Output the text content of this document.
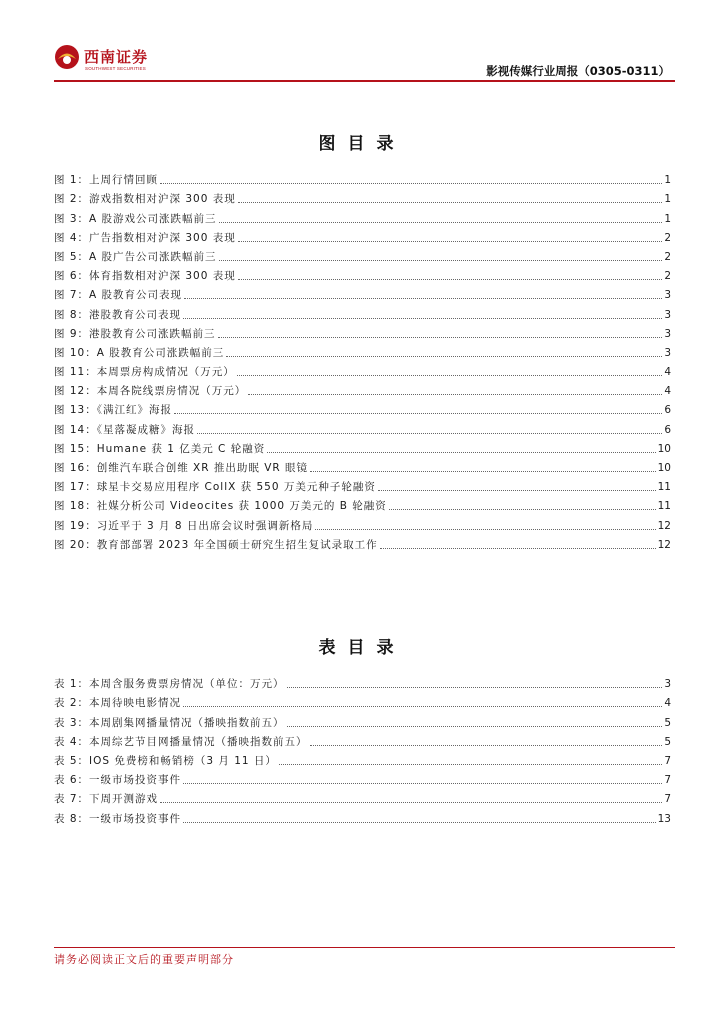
西南证券
SOUTHWEST SECURITIES	影视传媒行业周报（0305-0311）
图目录
图 1：上周行情回顾	1
图 2：游戏指数相对沪深 300 表现	1
图 3：A 股游戏公司涨跌幅前三	1
图 4：广告指数相对沪深 300 表现	2
图 5：A 股广告公司涨跌幅前三	2
图 6：体育指数相对沪深 300 表现	2
图 7：A 股教育公司表现	3
图 8：港股教育公司表现	3
图 9：港股教育公司涨跌幅前三	3
图 10：A 股教育公司涨跌幅前三	3
图 11：本周票房构成情况（万元）	4
图 12：本周各院线票房情况（万元）	4
图 13：《满江红》海报	6
图 14：《星落凝成糖》海报	6
图 15：Humane 获 1 亿美元 C 轮融资	10
图 16：创维汽车联合创维 XR 推出助眠 VR 眼镜	10
图 17：球星卡交易应用程序 CollX 获 550 万美元种子轮融资	11
图 18：社媒分析公司 Videocites 获 1000 万美元的 B 轮融资	11
图 19：习近平于 3 月 8 日出席会议时强调新格局	12
图 20：教育部部署 2023 年全国硕士研究生招生复试录取工作	12
表目录
表 1：本周含服务费票房情况（单位：万元）	3
表 2：本周待映电影情况	4
表 3：本周剧集网播量情况（播映指数前五）	5
表 4：本周综艺节目网播量情况（播映指数前五）	5
表 5：IOS 免费榜和畅销榜（3 月 11 日）	7
表 6：一级市场投资事件	7
表 7：下周开测游戏	7
表 8：一级市场投资事件	13
请务必阅读正文后的重要声明部分
